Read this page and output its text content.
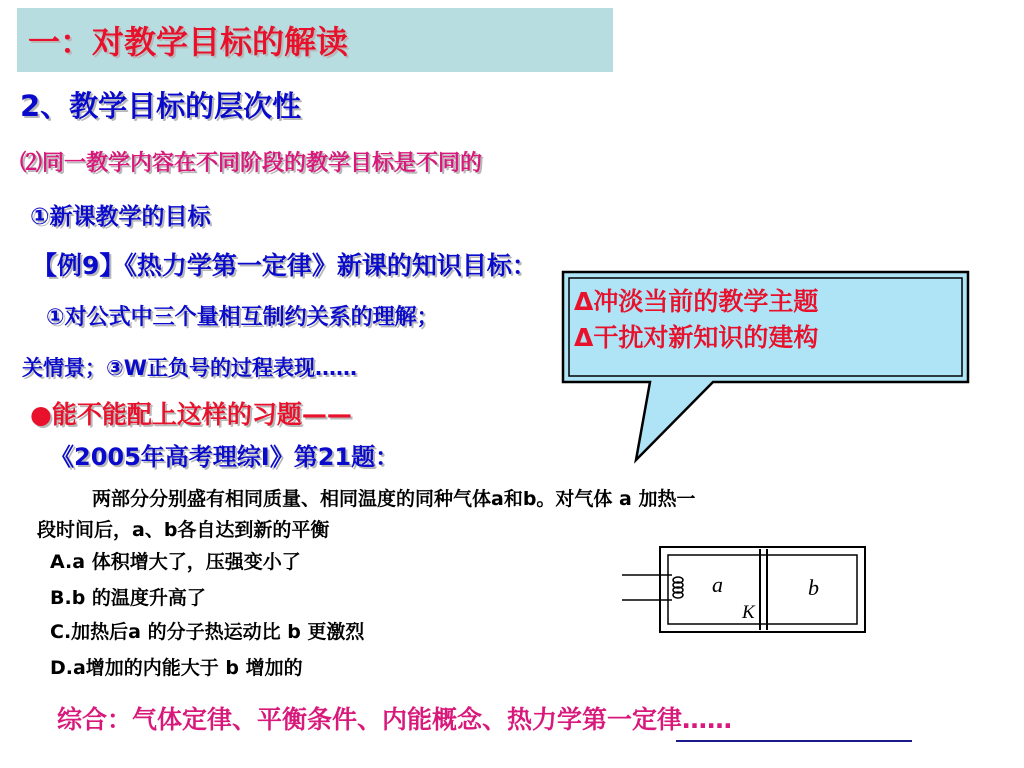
一：对教学目标的解读
2、教学目标的层次性
⑵同一教学内容在不同阶段的教学目标是不同的
①新课教学的目标
【例9】《热力学第一定律》新课的知识目标：
①对公式中三个量相互制约关系的理解；
关情景；③W正负号的过程表现……
Δ冲淡当前的教学主题
Δ干扰对新知识的建构
●能不能配上这样的习题——
《2005年高考理综Ⅰ》第21题：
两部分分别盛有相同质量、相同温度的同种气体a和b。对气体 a 加热一
段时间后，a、b各自达到新的平衡
A.a 体积增大了，压强变小了
B.b 的温度升高了
C.加热后a 的分子热运动比 b 更激烈
D.a增加的内能大于 b 增加的
a	b
K
综合：气体定律、平衡条件、内能概念、热力学第一定律……
